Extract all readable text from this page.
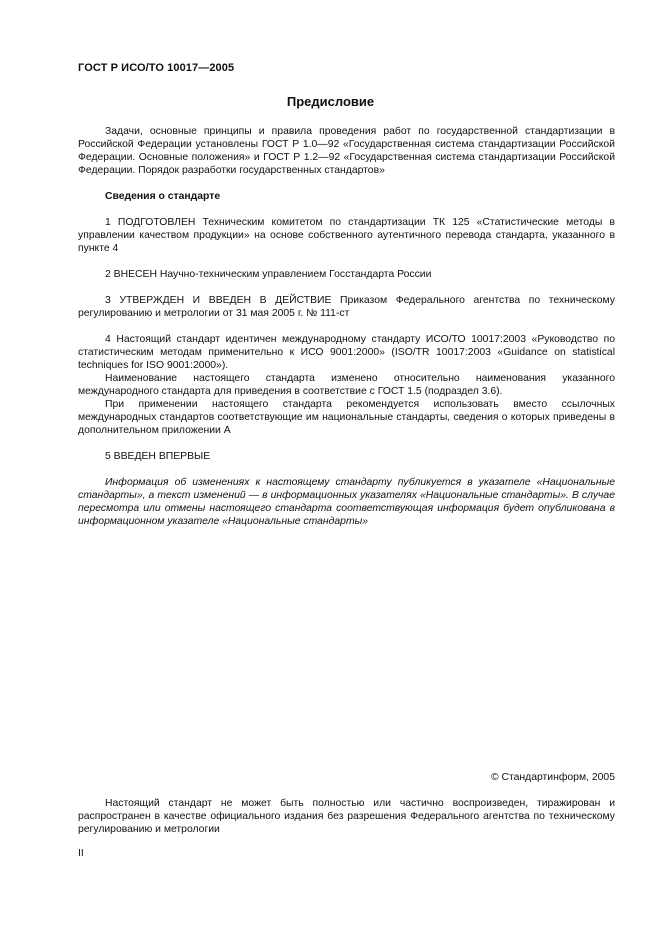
ГОСТ Р ИСО/ТО 10017—2005
Предисловие

Задачи, основные принципы и правила проведения работ по государственной стандартизации в Российской Федерации установлены ГОСТ Р 1.0—92 «Государственная система стандартизации Российской Федерации. Основные положения» и ГОСТ Р 1.2—92 «Государственная система стандартизации Российской Федерации. Порядок разработки государственных стандартов»

Сведения о стандарте

1 ПОДГОТОВЛЕН Техническим комитетом по стандартизации ТК 125 «Статистические методы в управлении качеством продукции» на основе собственного аутентичного перевода стандарта, указанного в пункте 4

2 ВНЕСЕН Научно-техническим управлением Госстандарта России

3 УТВЕРЖДЕН И ВВЕДЕН В ДЕЙСТВИЕ Приказом Федерального агентства по техническому регулированию и метрологии от 31 мая 2005 г. № 111-ст

4 Настоящий стандарт идентичен международному стандарту ИСО/ТО 10017:2003 «Руководство по статистическим методам применительно к ИСО 9001:2000» (ISO/TR 10017:2003 «Guidance on statistical techniques for ISO 9001:2000»).

Наименование настоящего стандарта изменено относительно наименования указанного международного стандарта для приведения в соответствие с ГОСТ 1.5 (подраздел 3.6).

При применении настоящего стандарта рекомендуется использовать вместо ссылочных международных стандартов соответствующие им национальные стандарты, сведения о которых приведены в дополнительном приложении А

5 ВВЕДЕН ВПЕРВЫЕ

Информация об изменениях к настоящему стандарту публикуется в указателе «Национальные стандарты», а текст изменений — в информационных указателях «Национальные стандарты». В случае пересмотра или отмены настоящего стандарта соответствующая информация будет опубликована в информационном указателе «Национальные стандарты»

© Стандартинформ, 2005

Настоящий стандарт не может быть полностью или частично воспроизведен, тиражирован и распространен в качестве официального издания без разрешения Федерального агентства по техническому регулированию и метрологии

II
